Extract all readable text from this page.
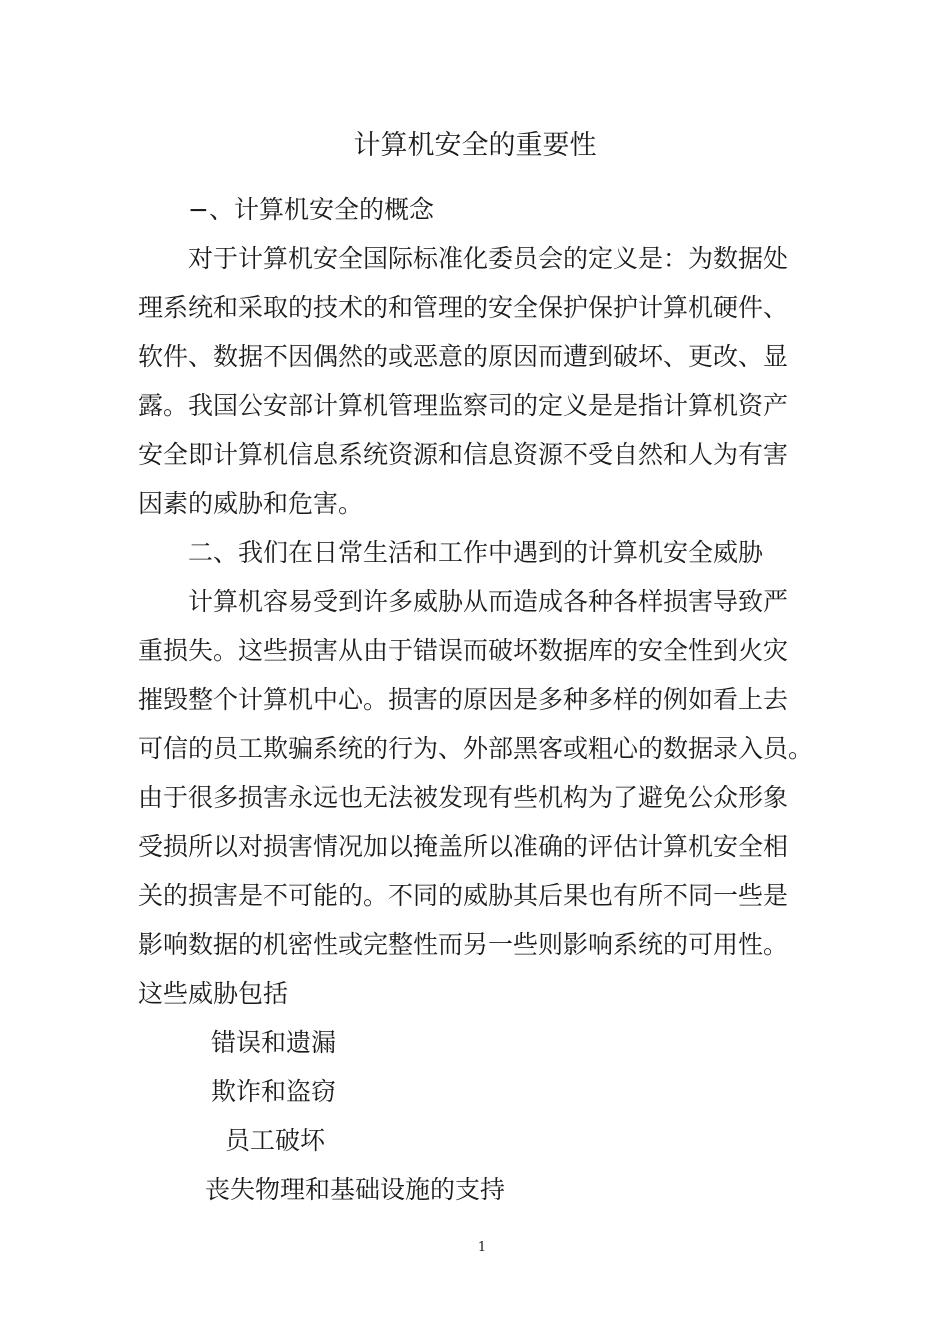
计算机安全的重要性
−、计算机安全的概念
对于计算机安全国际标准化委员会的定义是：为数据处
理系统和采取的技术的和管理的安全保护保护计算机硬件、
软件、数据不因偶然的或恶意的原因而遭到破坏、更改、显
露。我国公安部计算机管理监察司的定义是是指计算机资产
安全即计算机信息系统资源和信息资源不受自然和人为有害
因素的威胁和危害。
二、我们在日常生活和工作中遇到的计算机安全威胁
计算机容易受到许多威胁从而造成各种各样损害导致严
重损失。这些损害从由于错误而破坏数据库的安全性到火灾
摧毁整个计算机中心。损害的原因是多种多样的例如看上去
可信的员工欺骗系统的行为、外部黑客或粗心的数据录入员。
由于很多损害永远也无法被发现有些机构为了避免公众形象
受损所以对损害情况加以掩盖所以准确的评估计算机安全相
关的损害是不可能的。不同的威胁其后果也有所不同一些是
影响数据的机密性或完整性而另一些则影响系统的可用性。
这些威胁包括
错误和遗漏
欺诈和盗窃
员工破坏
丧失物理和基础设施的支持
1
